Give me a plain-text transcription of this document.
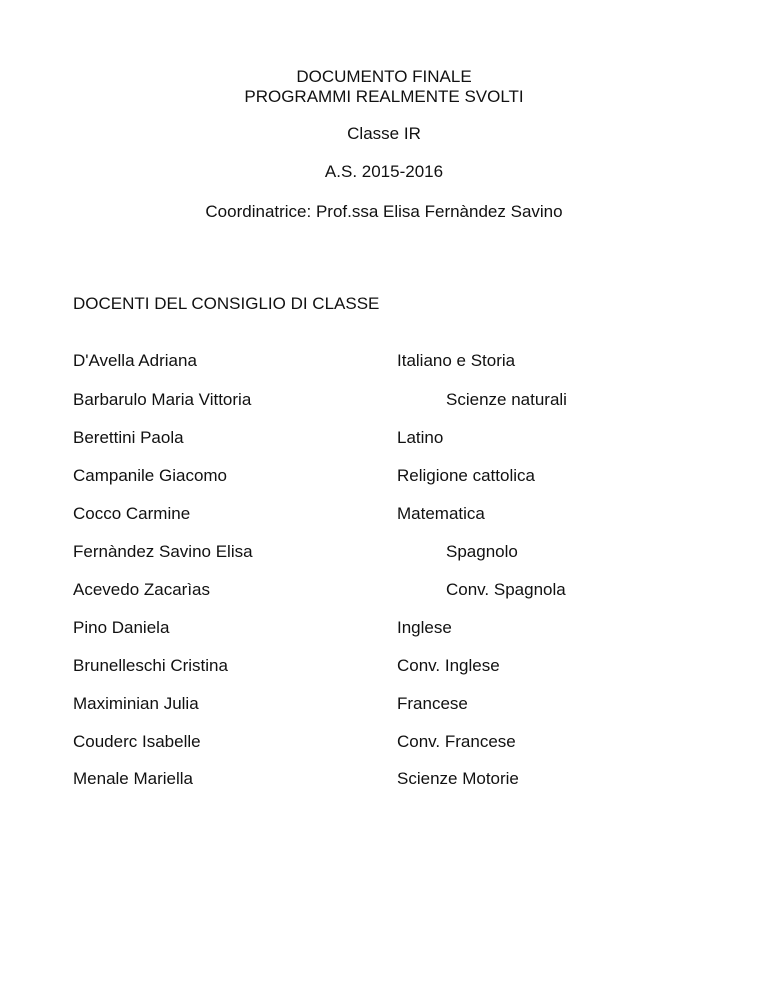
DOCUMENTO FINALE
PROGRAMMI REALMENTE SVOLTI
Classe IR
A.S. 2015-2016
Coordinatrice: Prof.ssa Elisa Fernàndez Savino
DOCENTI DEL CONSIGLIO DI CLASSE
D'Avella Adriana	Italiano e Storia
Barbarulo Maria Vittoria	Scienze naturali
Berettini Paola	Latino
Campanile Giacomo	Religione cattolica
Cocco Carmine	Matematica
Fernàndez Savino Elisa	Spagnolo
Acevedo Zacarìas	Conv. Spagnola
Pino Daniela	Inglese
Brunelleschi Cristina	Conv. Inglese
Maximinian Julia	Francese
Couderc Isabelle	Conv. Francese
Menale Mariella	Scienze Motorie
